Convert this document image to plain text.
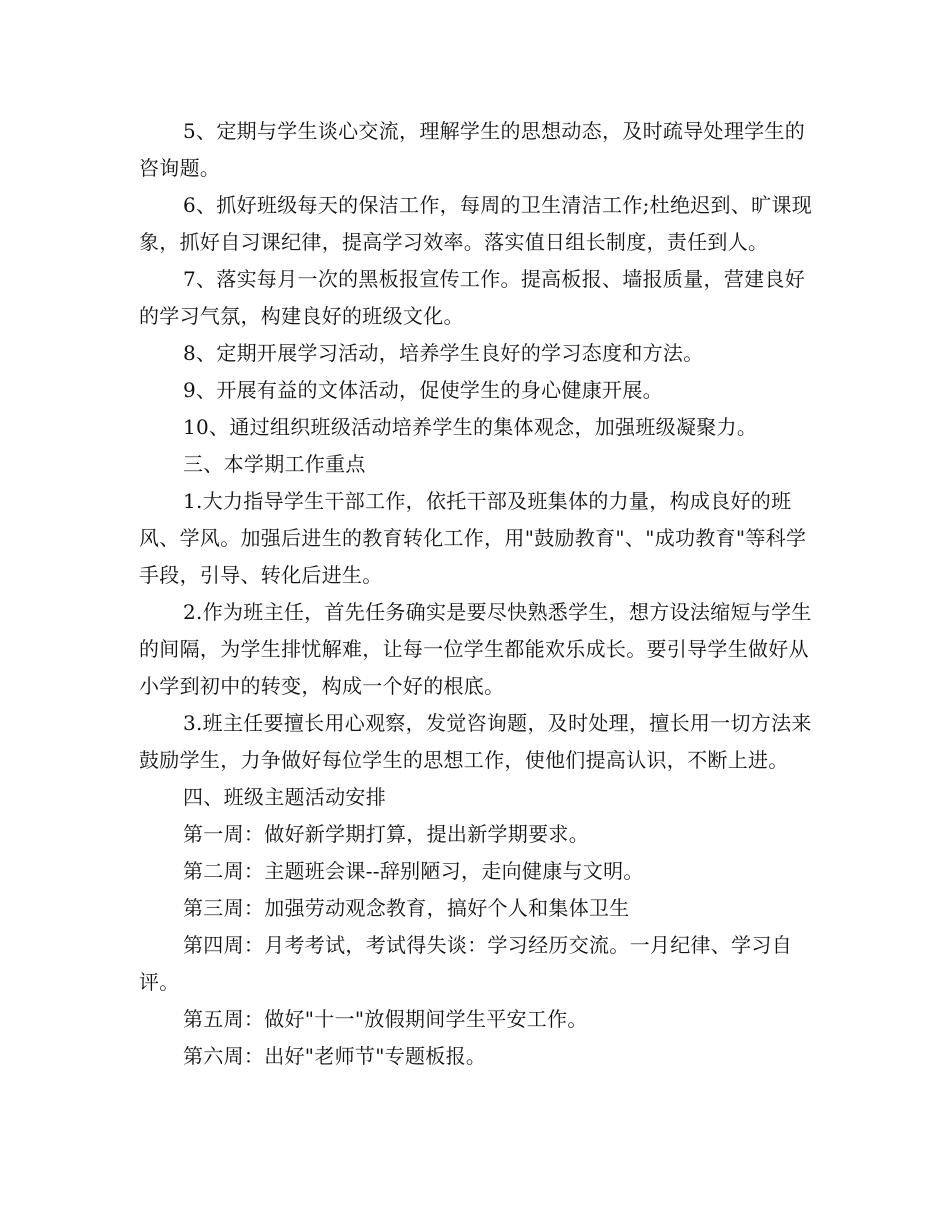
5、定期与学生谈心交流，理解学生的思想动态，及时疏导处理学生的咨询题。

6、抓好班级每天的保洁工作，每周的卫生清洁工作;杜绝迟到、旷课现象，抓好自习课纪律，提高学习效率。落实值日组长制度，责任到人。

7、落实每月一次的黑板报宣传工作。提高板报、墙报质量，营建良好的学习气氛，构建良好的班级文化。

8、定期开展学习活动，培养学生良好的学习态度和方法。

9、开展有益的文体活动，促使学生的身心健康开展。

10、通过组织班级活动培养学生的集体观念，加强班级凝聚力。

三、本学期工作重点

1.大力指导学生干部工作，依托干部及班集体的力量，构成良好的班风、学风。加强后进生的教育转化工作，用"鼓励教育"、"成功教育"等科学手段，引导、转化后进生。

2.作为班主任，首先任务确实是要尽快熟悉学生，想方设法缩短与学生的间隔，为学生排忧解难，让每一位学生都能欢乐成长。要引导学生做好从小学到初中的转变，构成一个好的根底。

3.班主任要擅长用心观察，发觉咨询题，及时处理，擅长用一切方法来鼓励学生，力争做好每位学生的思想工作，使他们提高认识，不断上进。

四、班级主题活动安排

第一周：做好新学期打算，提出新学期要求。

第二周：主题班会课--辞别陋习，走向健康与文明。

第三周：加强劳动观念教育，搞好个人和集体卫生

第四周：月考考试，考试得失谈：学习经历交流。一月纪律、学习自评。

第五周：做好"十一"放假期间学生平安工作。

第六周：出好"老师节"专题板报。
